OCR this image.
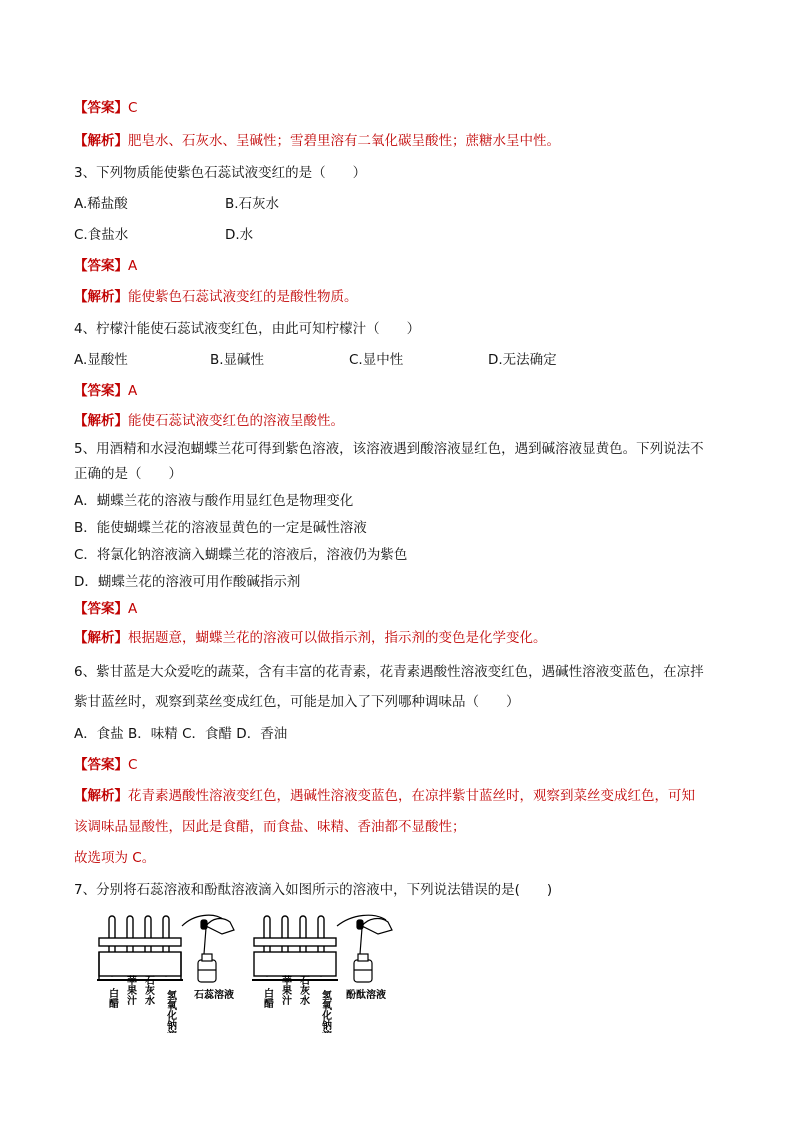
【答案】C
【解析】肥皂水、石灰水、呈碱性；雪碧里溶有二氧化碳呈酸性；蔗糖水呈中性。
3、下列物质能使紫色石蕊试液变红的是（　　）
A.稀盐酸	B.石灰水
C.食盐水	D.水
【答案】A
【解析】能使紫色石蕊试液变红的是酸性物质。
4、柠檬汁能使石蕊试液变红色，由此可知柠檬汁（　　）
A.显酸性	B.显碱性	C.显中性	D.无法确定
【答案】A
【解析】能使石蕊试液变红色的溶液呈酸性。
5、用酒精和水浸泡蝴蝶兰花可得到紫色溶液，该溶液遇到酸溶液显红色，遇到碱溶液显黄色。下列说法不
正确的是（　　）
A．蝴蝶兰花的溶液与酸作用显红色是物理变化
B．能使蝴蝶兰花的溶液显黄色的一定是碱性溶液
C．将氯化钠溶液滴入蝴蝶兰花的溶液后，溶液仍为紫色
D．蝴蝶兰花的溶液可用作酸碱指示剂
【答案】A
【解析】根据题意，蝴蝶兰花的溶液可以做指示剂，指示剂的变色是化学变化。
6、紫甘蓝是大众爱吃的蔬菜，含有丰富的花青素，花青素遇酸性溶液变红色，遇碱性溶液变蓝色，在凉拌
紫甘蓝丝时，观察到菜丝变成红色，可能是加入了下列哪种调味品（　　）
A．食盐 B．味精 C．食醋 D．香油
【答案】C
【解析】花青素遇酸性溶液变红色，遇碱性溶液变蓝色，在凉拌紫甘蓝丝时，观察到菜丝变成红色，可知
该调味品显酸性，因此是食醋，而食盐、味精、香油都不显酸性；
故选项为 C。
7、分别将石蕊溶液和酚酞溶液滴入如图所示的溶液中，下列说法错误的是(　　)
白醋 苹果汁 石灰水 氢氧化钠溶液 石蕊溶液	白醋 苹果汁 石灰水 氢氧化钠溶液 酚酞溶液
